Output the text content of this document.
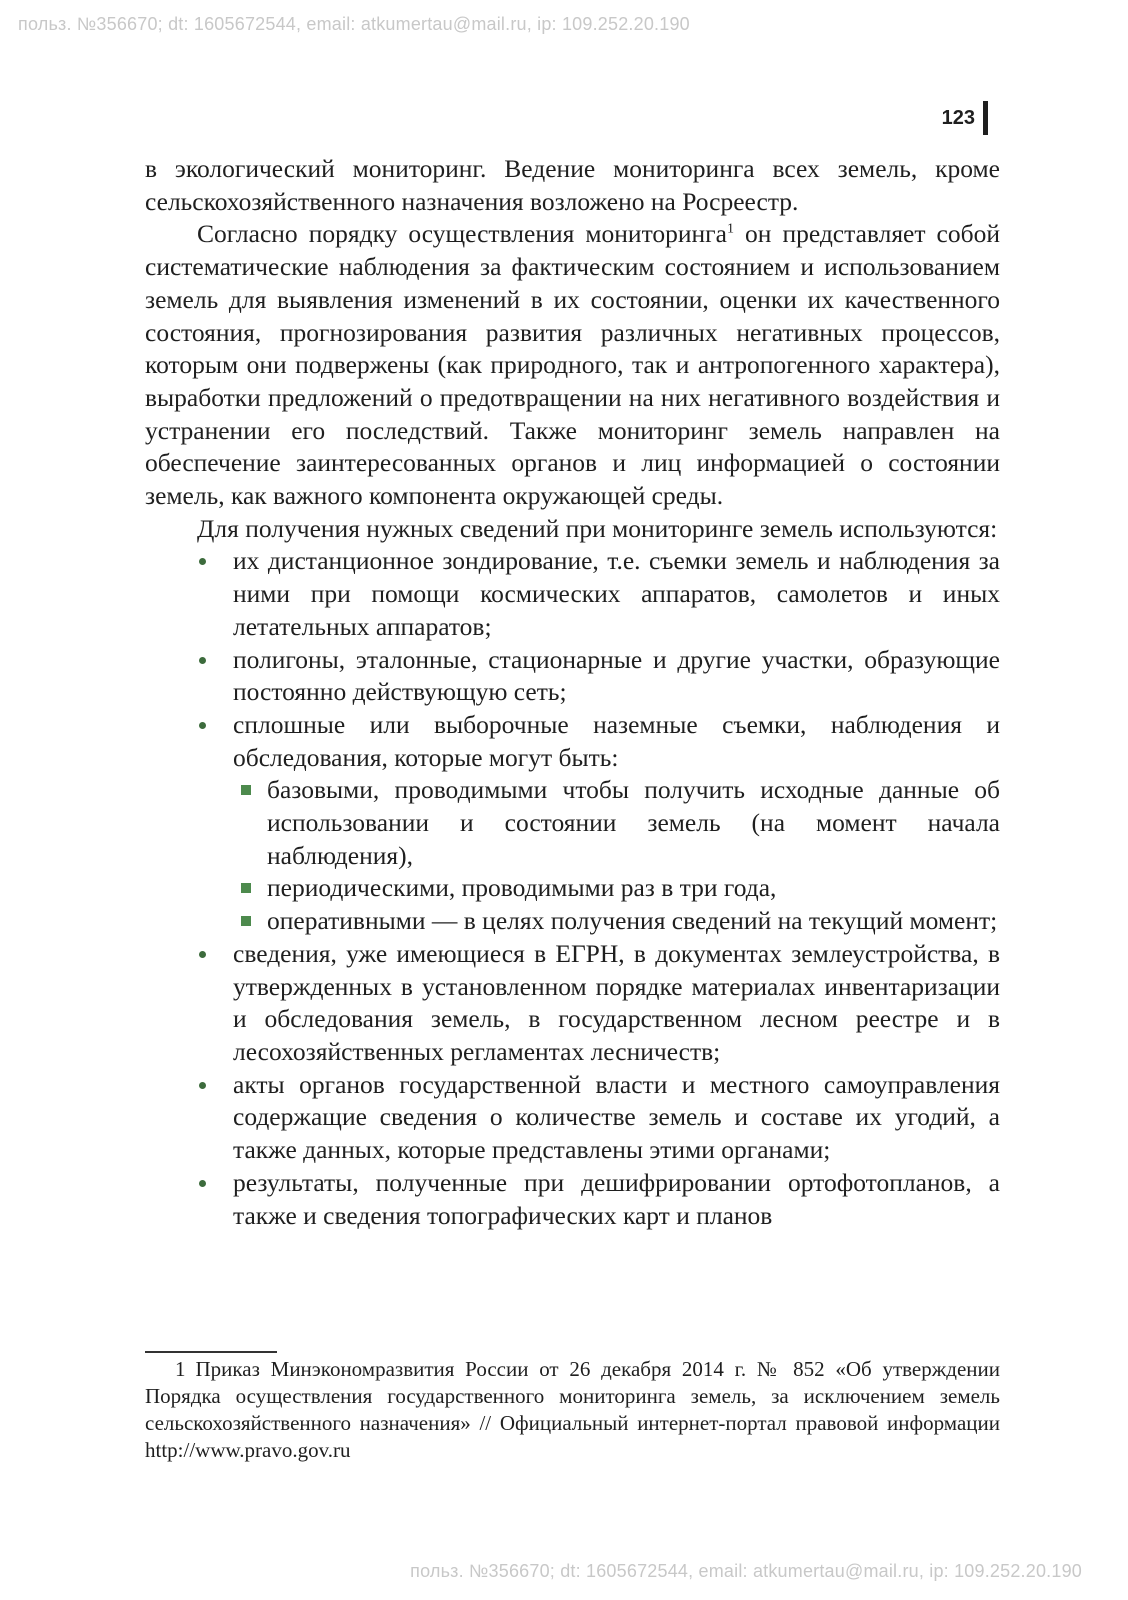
польз. №356670; dt: 1605672544, email: atkumertau@mail.ru, ip: 109.252.20.190
123

в экологический мониторинг. Ведение мониторинга всех земель, кроме сельскохозяйственного назначения возложено на Росреестр.

Согласно порядку осуществления мониторинга$^1$ он представляет собой систематические наблюдения за фактическим состоянием и использованием земель для выявления изменений в их состоянии, оценки их качественного состояния, прогнозирования развития различных негативных процессов, которым они подвержены (как природного, так и антропогенного характера), выработки предложений о предотвращении на них негативного воздействия и устранении его последствий. Также мониторинг земель направлен на обеспечение заинтересованных органов и лиц информацией о состоянии земель, как важного компонента окружающей среды.

Для получения нужных сведений при мониторинге земель используются:

их дистанционное зондирование, т.е. съемки земель и наблюдения за ними при помощи космических аппаратов, самолетов и иных летательных аппаратов;
полигоны, эталонные, стационарные и другие участки, образующие постоянно действующую сеть;
сплошные или выборочные наземные съемки, наблюдения и обследования, которые могут быть:
базовыми, проводимыми чтобы получить исходные данные об использовании и состоянии земель (на момент начала наблюдения),
периодическими, проводимыми раз в три года,
оперативными — в целях получения сведений на текущий момент;
сведения, уже имеющиеся в ЕГРН, в документах землеустройства, в утвержденных в установленном порядке материалах инвентаризации и обследования земель, в государственном лесном реестре и в лесохозяйственных регламентах лесничеств;
акты органов государственной власти и местного самоуправления содержащие сведения о количестве земель и составе их угодий, а также данных, которые представлены этими органами;
результаты, полученные при дешифрировании ортофотопланов, а также и сведения топографических карт и планов

1 Приказ Минэкономразвития России от 26 декабря 2014 г. № 852 «Об утверждении Порядка осуществления государственного мониторинга земель, за исключением земель сельскохозяйственного назначения» // Официальный интернет-портал правовой информации http://www.pravo.gov.ru

польз. №356670; dt: 1605672544, email: atkumertau@mail.ru, ip: 109.252.20.190
